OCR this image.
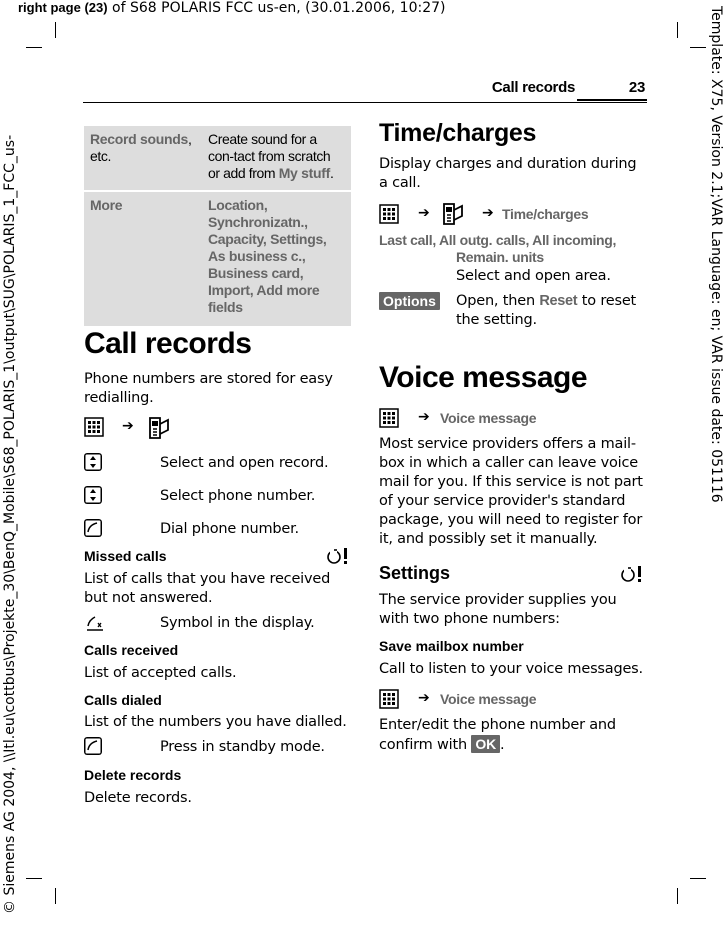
right page (23) of S68 POLARIS FCC us-en, (30.01.2006, 10:27)
© Siemens AG 2004, \\Itl.eu\cottbus\Projekte_30\BenQ_Mobile\S68_POLARIS_1\output\SUG\POLARIS_1_FCC_us-	Template: X75, Version 2.1;VAR Language: en; VAR issue date: 051116
Call records	23
Record sounds, etc.	Create sound for a con-tact from scratch or add from My stuff.
More	Location, Synchronizatn., Capacity, Settings, As business c., Business card, Import, Add more fields
Call records
Phone numbers are stored for easy redialling.
➔
Select and open record.
Select phone number.
Dial phone number.
Missed calls
List of calls that you have received but not answered.
Symbol in the display.
Calls received
List of accepted calls.
Calls dialed
List of the numbers you have dialled.
Press in standby mode.
Delete records
Delete records.
Time/charges
Display charges and duration during a call.
➔	➔ Time/charges
Last call, All outg. calls, All incoming,
Remain. units
Select and open area.
Options Open, then Reset to reset
the setting.
Voice message
➔ Voice message
Most service providers offers a mail-box in which a caller can leave voice mail for you. If this service is not part of your service provider's standard package, you will need to register for it, and possibly set it manually.
Settings
The service provider supplies you with two phone numbers:
Save mailbox number
Call to listen to your voice messages.
➔ Voice message
Enter/edit the phone number and confirm with OK .
